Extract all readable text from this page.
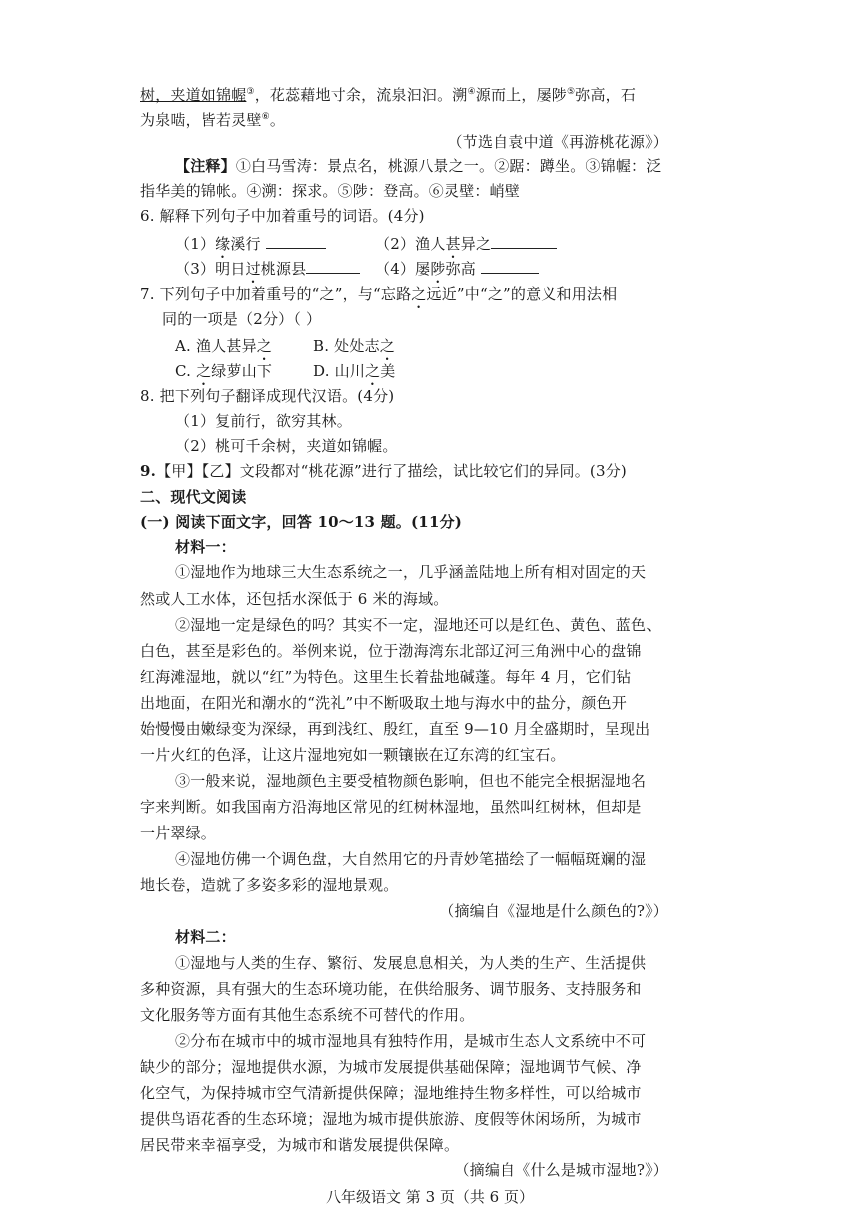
树，夹道如锦幄③，花蕊藉地寸余，流泉汩汩。溯④源而上，屡陟⑤弥高，石
为泉啮，皆若灵壁⑥。
（节选自袁中道《再游桃花源》）
【注释】①白马雪涛：景点名，桃源八景之一。②踞：蹲坐。③锦幄：泛
指华美的锦帐。④溯：探求。⑤陟：登高。⑥灵壁：峭壁
6. 解释下列句子中加着重号的词语。(4分)
（1）缘溪行	（2）渔人甚异之
（3）明日过桃源县	（4）屡陟弥高
7. 下列句子中加着重号的“之”，与“忘路之远近”中“之”的意义和用法相
同的一项是（2分）（ ）
A. 渔人甚异之	B. 处处志之
C. 之绿萝山下	D. 山川之美
8. 把下列句子翻译成现代汉语。(4分)
（1）复前行，欲穷其林。
（2）桃可千余树，夹道如锦幄。
9.【甲】【乙】文段都对“桃花源”进行了描绘，试比较它们的异同。(3分)
二、现代文阅读
(一) 阅读下面文字，回答 10～13 题。(11分)
材料一：
①湿地作为地球三大生态系统之一，几乎涵盖陆地上所有相对固定的天
然或人工水体，还包括水深低于 6 米的海域。
②湿地一定是绿色的吗？其实不一定，湿地还可以是红色、黄色、蓝色、
白色，甚至是彩色的。举例来说，位于渤海湾东北部辽河三角洲中心的盘锦
红海滩湿地，就以“红”为特色。这里生长着盐地碱蓬。每年 4 月，它们钻
出地面，在阳光和潮水的“洗礼”中不断吸取土地与海水中的盐分，颜色开
始慢慢由嫩绿变为深绿，再到浅红、殷红，直至 9—10 月全盛期时，呈现出
一片火红的色泽，让这片湿地宛如一颗镶嵌在辽东湾的红宝石。
③一般来说，湿地颜色主要受植物颜色影响，但也不能完全根据湿地名
字来判断。如我国南方沿海地区常见的红树林湿地，虽然叫红树林，但却是
一片翠绿。
④湿地仿佛一个调色盘，大自然用它的丹青妙笔描绘了一幅幅斑斓的湿
地长卷，造就了多姿多彩的湿地景观。
（摘编自《湿地是什么颜色的?》）
材料二：
①湿地与人类的生存、繁衍、发展息息相关，为人类的生产、生活提供
多种资源，具有强大的生态环境功能，在供给服务、调节服务、支持服务和
文化服务等方面有其他生态系统不可替代的作用。
②分布在城市中的城市湿地具有独特作用，是城市生态人文系统中不可
缺少的部分；湿地提供水源，为城市发展提供基础保障；湿地调节气候、净
化空气，为保持城市空气清新提供保障；湿地维持生物多样性，可以给城市
提供鸟语花香的生态环境；湿地为城市提供旅游、度假等休闲场所，为城市
居民带来幸福享受，为城市和谐发展提供保障。
（摘编自《什么是城市湿地?》）
八年级语文 第 3 页（共 6 页）
